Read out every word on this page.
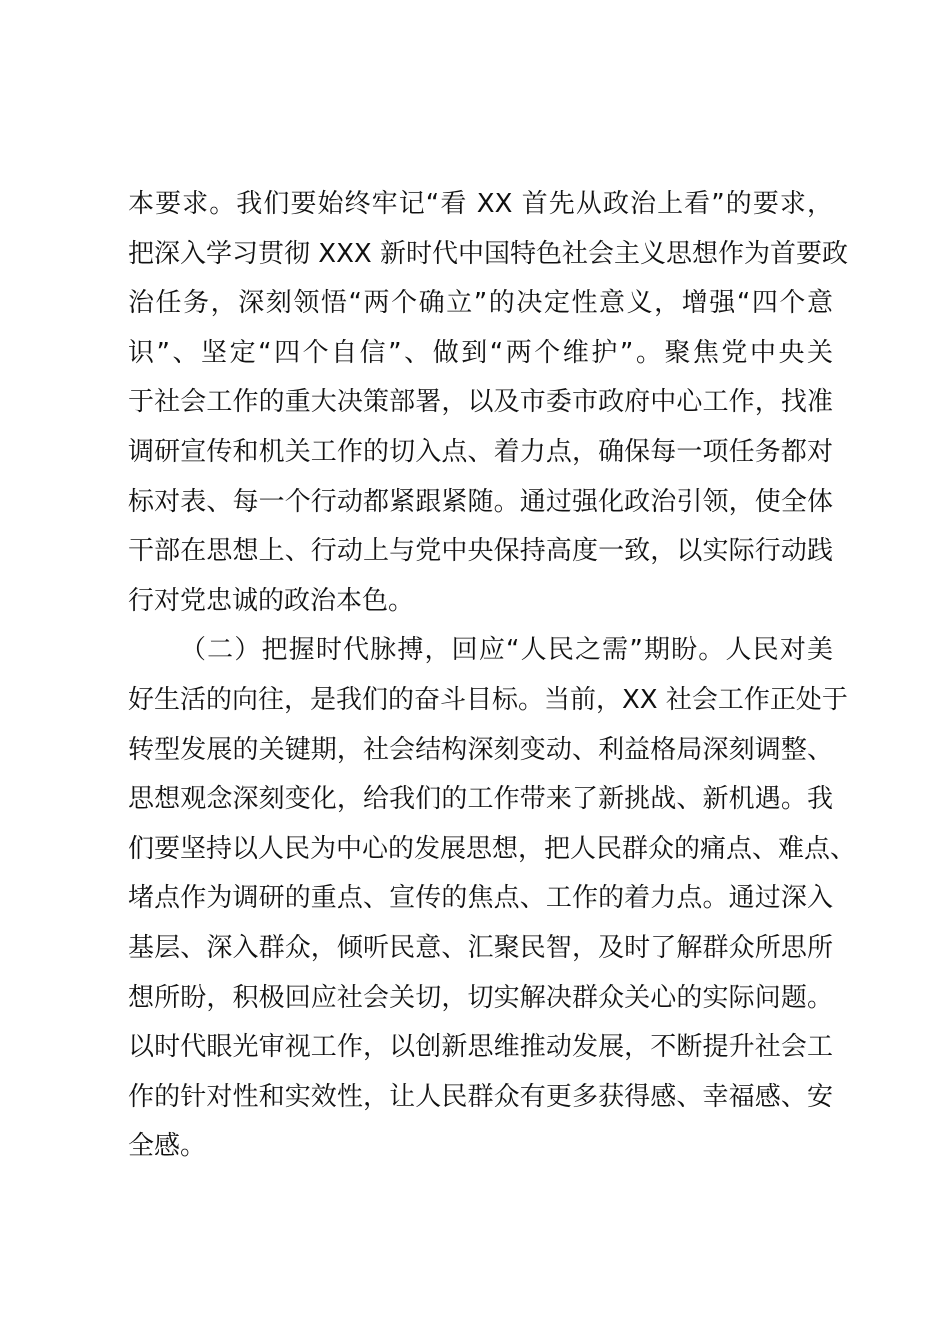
本要求。我们要始终牢记“看 XX 首先从政治上看”的要求，
把深入学习贯彻 XXX 新时代中国特色社会主义思想作为首要政
治任务，深刻领悟“两个确立”的决定性意义，增强“四个意
识”、坚定“四个自信”、做到“两个维护”。聚焦党中央关
于社会工作的重大决策部署，以及市委市政府中心工作，找准
调研宣传和机关工作的切入点、着力点，确保每一项任务都对
标对表、每一个行动都紧跟紧随。通过强化政治引领，使全体
干部在思想上、行动上与党中央保持高度一致，以实际行动践
行对党忠诚的政治本色。
（二）把握时代脉搏，回应“人民之需”期盼。人民对美
好生活的向往，是我们的奋斗目标。当前，XX 社会工作正处于
转型发展的关键期，社会结构深刻变动、利益格局深刻调整、
思想观念深刻变化，给我们的工作带来了新挑战、新机遇。我
们要坚持以人民为中心的发展思想，把人民群众的痛点、难点、
堵点作为调研的重点、宣传的焦点、工作的着力点。通过深入
基层、深入群众，倾听民意、汇聚民智，及时了解群众所思所
想所盼，积极回应社会关切，切实解决群众关心的实际问题。
以时代眼光审视工作，以创新思维推动发展，不断提升社会工
作的针对性和实效性，让人民群众有更多获得感、幸福感、安
全感。
